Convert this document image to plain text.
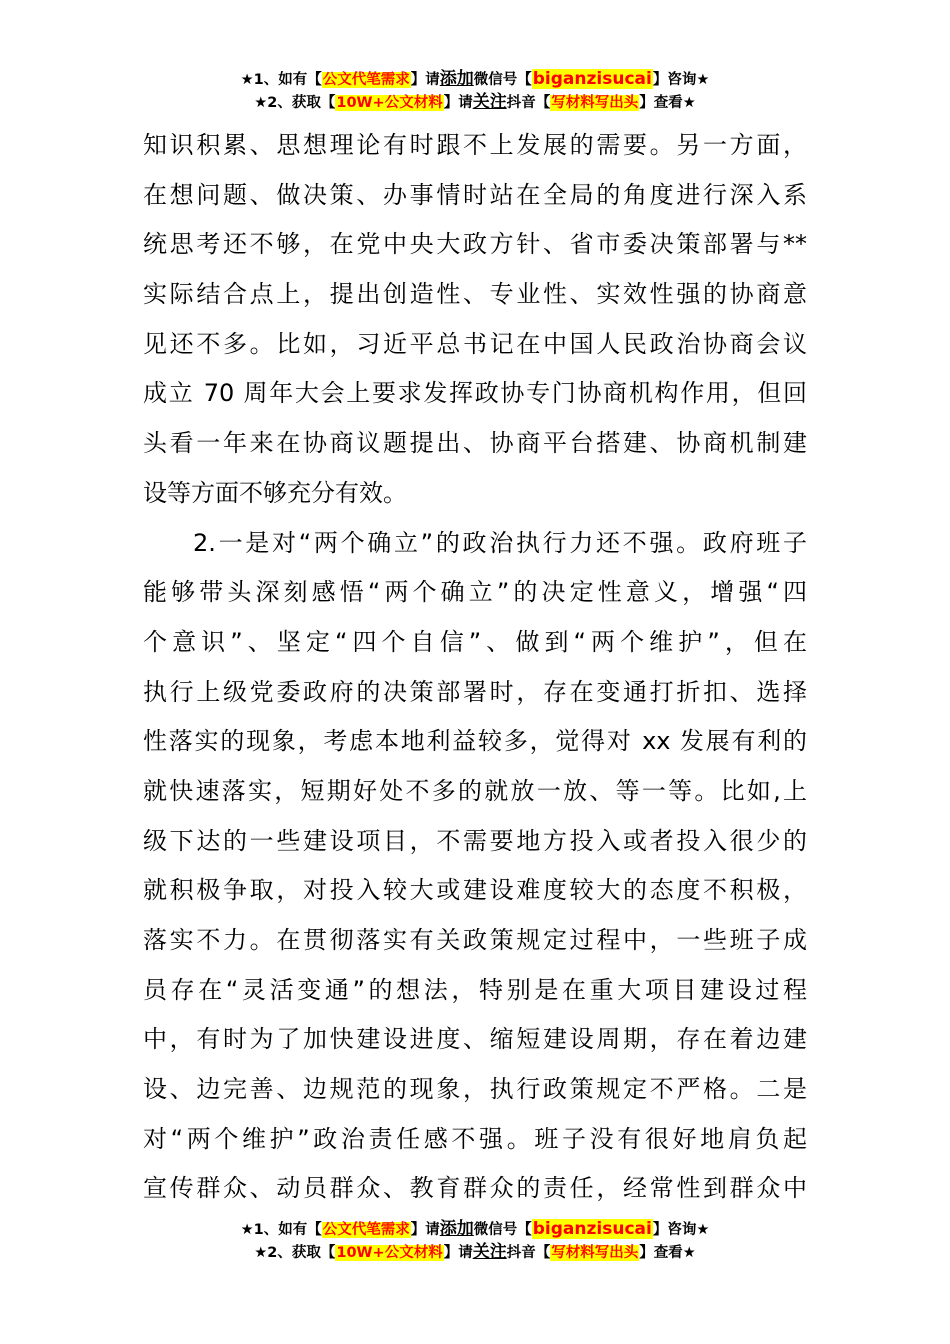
★1、如有【公文代笔需求】请添加微信号【biganzisucai】咨询★
★2、获取【10W+公文材料】请关注抖音【写材料写出头】查看★
知识积累、思想理论有时跟不上发展的需要。另一方面，
在想问题、做决策、办事情时站在全局的角度进行深入系
统思考还不够，在党中央大政方针、省市委决策部署与**
实际结合点上，提出创造性、专业性、实效性强的协商意
见还不多。比如，习近平总书记在中国人民政治协商会议
成立 70 周年大会上要求发挥政协专门协商机构作用，但回
头看一年来在协商议题提出、协商平台搭建、协商机制建
设等方面不够充分有效。
2.一是对“两个确立”的政治执行力还不强。政府班子
能够带头深刻感悟“两个确立”的决定性意义，增强“四
个意识”、坚定“四个自信”、做到“两个维护”，但在
执行上级党委政府的决策部署时，存在变通打折扣、选择
性落实的现象，考虑本地利益较多，觉得对 xx 发展有利的
就快速落实，短期好处不多的就放一放、等一等。比如,上
级下达的一些建设项目，不需要地方投入或者投入很少的
就积极争取，对投入较大或建设难度较大的态度不积极，
落实不力。在贯彻落实有关政策规定过程中，一些班子成
员存在“灵活变通”的想法，特别是在重大项目建设过程
中，有时为了加快建设进度、缩短建设周期，存在着边建
设、边完善、边规范的现象，执行政策规定不严格。二是
对“两个维护”政治责任感不强。班子没有很好地肩负起
宣传群众、动员群众、教育群众的责任，经常性到群众中
★1、如有【公文代笔需求】请添加微信号【biganzisucai】咨询★
★2、获取【10W+公文材料】请关注抖音【写材料写出头】查看★
